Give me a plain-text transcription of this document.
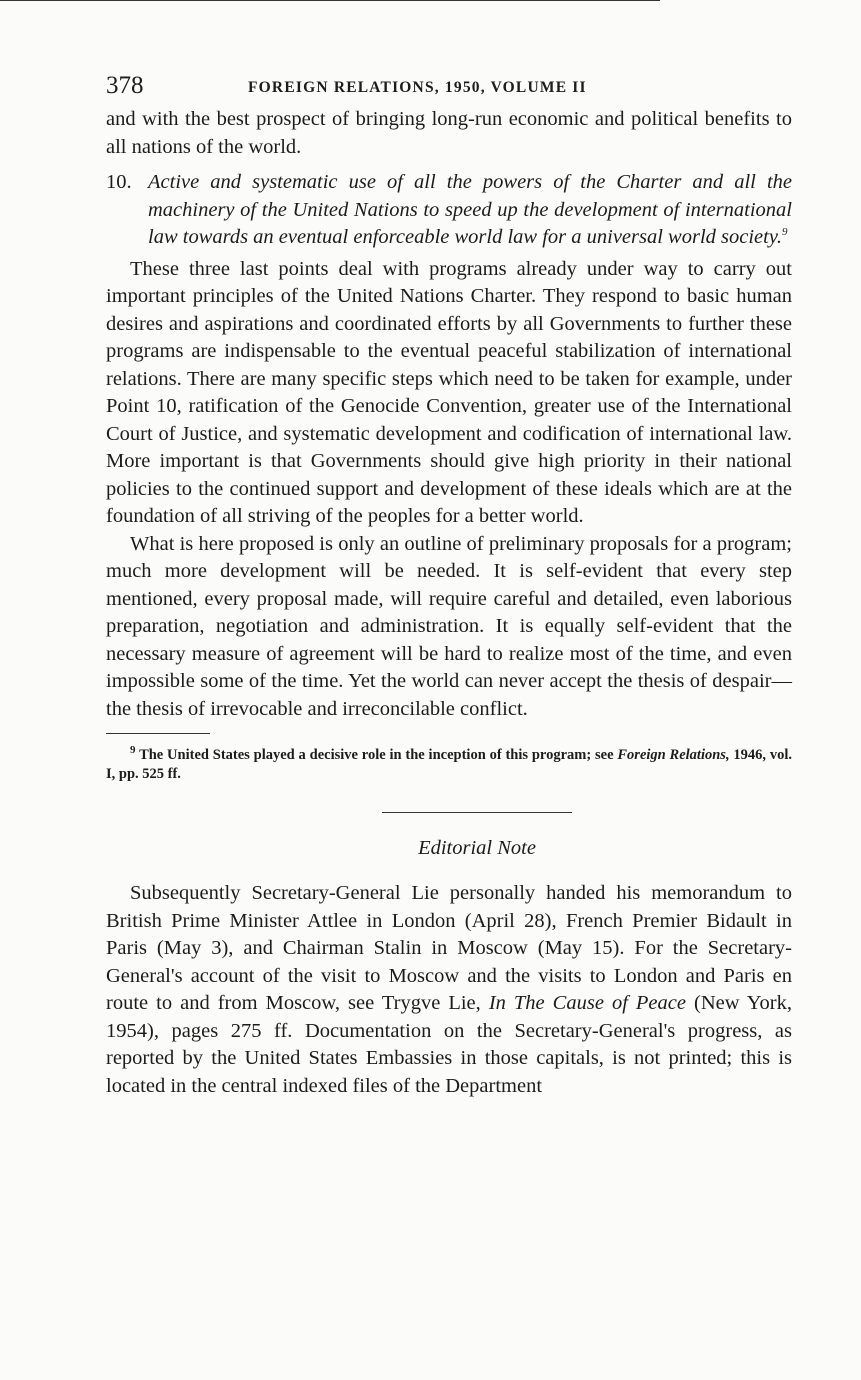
378	FOREIGN RELATIONS, 1950, VOLUME II

and with the best prospect of bringing long-run economic and political benefits to all nations of the world.

10. Active and systematic use of all the powers of the Charter and all the machinery of the United Nations to speed up the development of international law towards an eventual enforceable world law for a universal world society.$^9$

These three last points deal with programs already under way to carry out important principles of the United Nations Charter. They respond to basic human desires and aspirations and coordinated efforts by all Governments to further these programs are indispensable to the eventual peaceful stabilization of international relations. There are many specific steps which need to be taken for example, under Point 10, ratification of the Genocide Convention, greater use of the International Court of Justice, and systematic development and codification of international law. More important is that Governments should give high priority in their national policies to the continued support and development of these ideals which are at the foundation of all striving of the peoples for a better world.

What is here proposed is only an outline of preliminary proposals for a program; much more development will be needed. It is self-evident that every step mentioned, every proposal made, will require careful and detailed, even laborious preparation, negotiation and administration. It is equally self-evident that the necessary measure of agreement will be hard to realize most of the time, and even impossible some of the time. Yet the world can never accept the thesis of despair—the thesis of irrevocable and irreconcilable conflict.

$^9$ The United States played a decisive role in the inception of this program; see Foreign Relations, 1946, vol. I, pp. 525 ff.

Editorial Note

Subsequently Secretary-General Lie personally handed his memorandum to British Prime Minister Attlee in London (April 28), French Premier Bidault in Paris (May 3), and Chairman Stalin in Moscow (May 15). For the Secretary-General's account of the visit to Moscow and the visits to London and Paris en route to and from Moscow, see Trygve Lie, In The Cause of Peace (New York, 1954), pages 275 ff. Documentation on the Secretary-General's progress, as reported by the United States Embassies in those capitals, is not printed; this is located in the central indexed files of the Department
